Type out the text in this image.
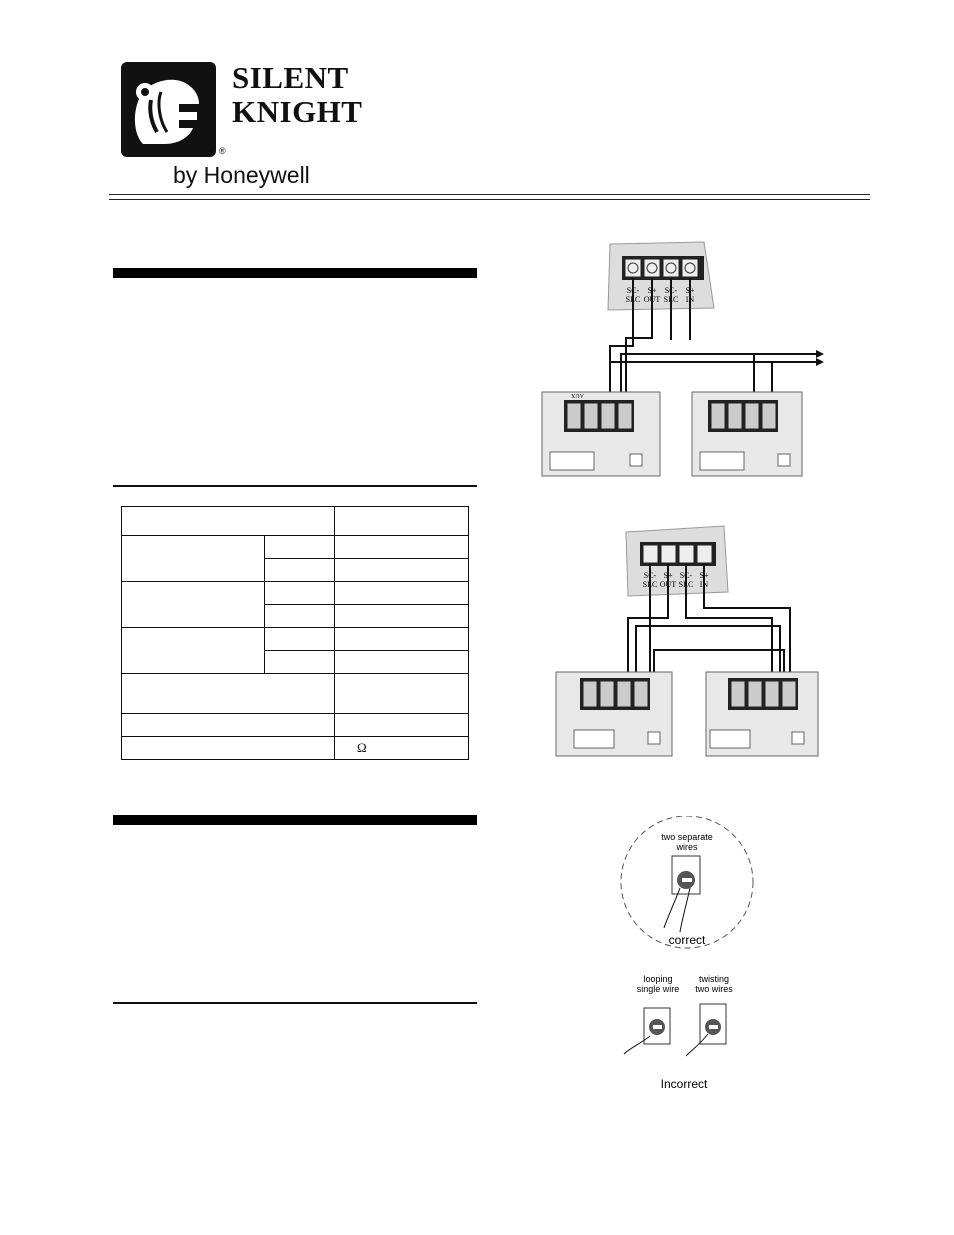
®
SILENT
KNIGHT
by Honeywell

		Ω
SC- S+ SC- S+
SLC OUT SLC IN
AUX
SC- S+ SC- S+
SLC OUT SLC IN
two separate
wires
correct
looping
single wire
twisting
two wires
Incorrect
